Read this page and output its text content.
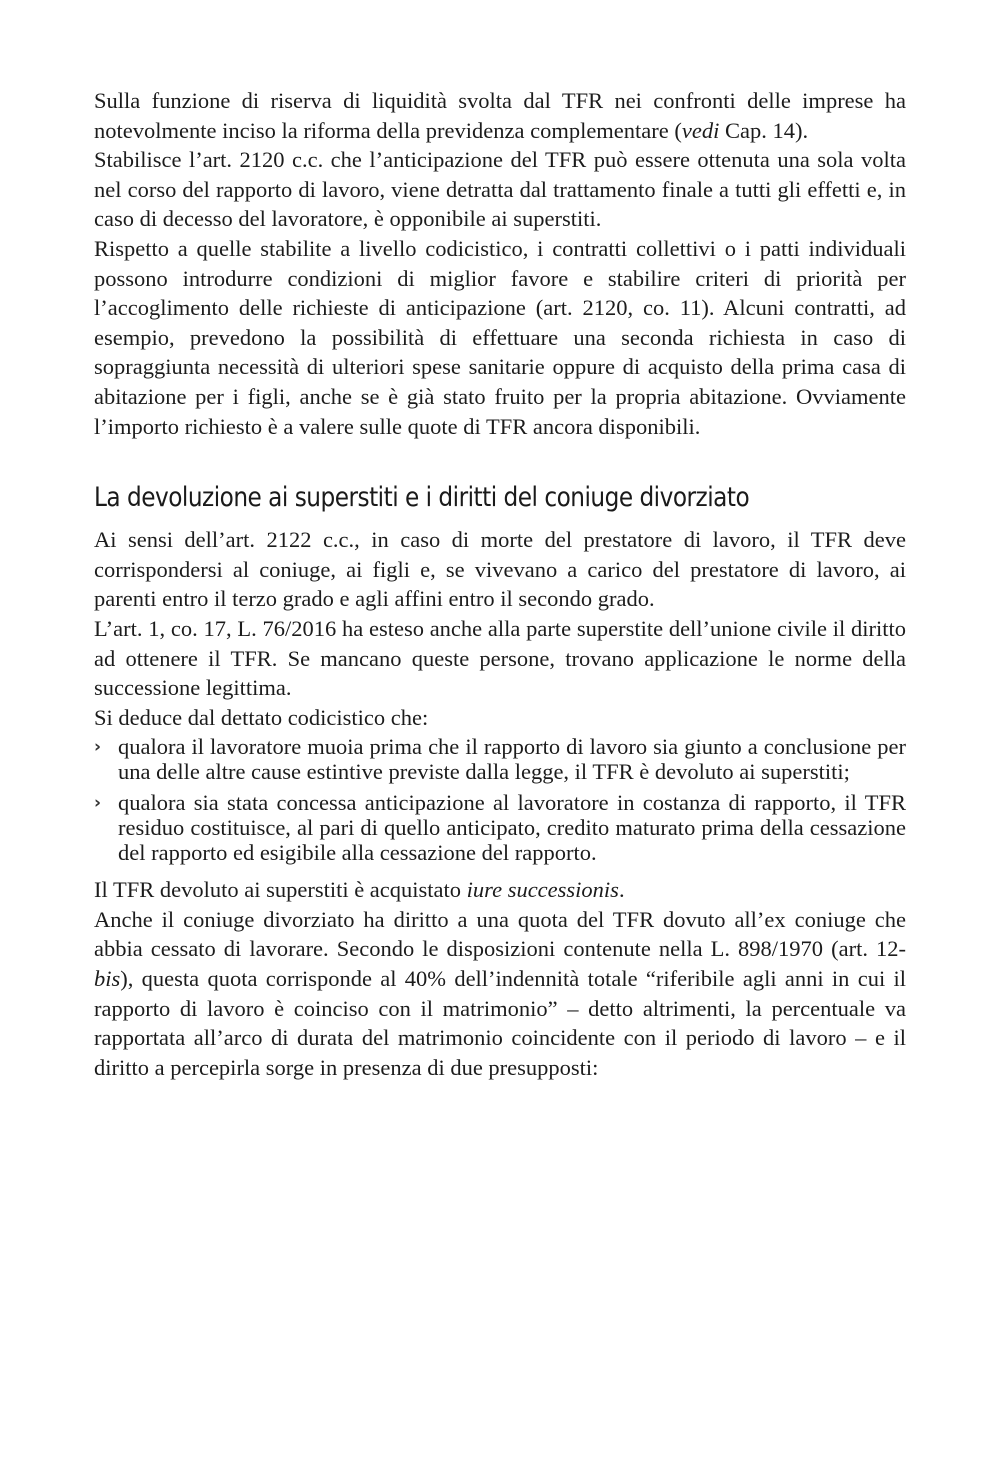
Sulla funzione di riserva di liquidità svolta dal TFR nei confronti delle imprese ha notevolmente inciso la riforma della previdenza complementare (vedi Cap. 14).

Stabilisce l’art. 2120 c.c. che l’anticipazione del TFR può essere ottenuta una sola volta nel corso del rapporto di lavoro, viene detratta dal trattamento finale a tutti gli effetti e, in caso di decesso del lavoratore, è opponibile ai superstiti.

Rispetto a quelle stabilite a livello codicistico, i contratti collettivi o i patti individuali possono introdurre condizioni di miglior favore e stabilire criteri di priorità per l’accoglimento delle richieste di anticipazione (art. 2120, co. 11). Alcuni contratti, ad esempio, prevedono la possibilità di effettuare una seconda richiesta in caso di sopraggiunta necessità di ulteriori spese sanitarie oppure di acquisto della prima casa di abitazione per i figli, anche se è già stato fruito per la propria abitazione. Ovviamente l’importo richiesto è a valere sulle quote di TFR ancora disponibili.

La devoluzione ai superstiti e i diritti del coniuge divorziato

Ai sensi dell’art. 2122 c.c., in caso di morte del prestatore di lavoro, il TFR deve corrispondersi al coniuge, ai figli e, se vivevano a carico del prestatore di lavoro, ai parenti entro il terzo grado e agli affini entro il secondo grado.

L’art. 1, co. 17, L. 76/2016 ha esteso anche alla parte superstite dell’unione civile il diritto ad ottenere il TFR. Se mancano queste persone, trovano applicazione le norme della successione legittima.

Si deduce dal dettato codicistico che:

› qualora il lavoratore muoia prima che il rapporto di lavoro sia giunto a conclusione per una delle altre cause estintive previste dalla legge, il TFR è devoluto ai superstiti;
› qualora sia stata concessa anticipazione al lavoratore in costanza di rapporto, il TFR residuo costituisce, al pari di quello anticipato, credito maturato prima della cessazione del rapporto ed esigibile alla cessazione del rapporto.

Il TFR devoluto ai superstiti è acquistato iure successionis.

Anche il coniuge divorziato ha diritto a una quota del TFR dovuto all’ex coniuge che abbia cessato di lavorare. Secondo le disposizioni contenute nella L. 898/1970 (art. 12-bis), questa quota corrisponde al 40% dell’indennità totale “riferibile agli anni in cui il rapporto di lavoro è coinciso con il matrimonio” – detto altrimenti, la percentuale va rapportata all’arco di durata del matrimonio coincidente con il periodo di lavoro – e il diritto a percepirla sorge in presenza di due presupposti:
